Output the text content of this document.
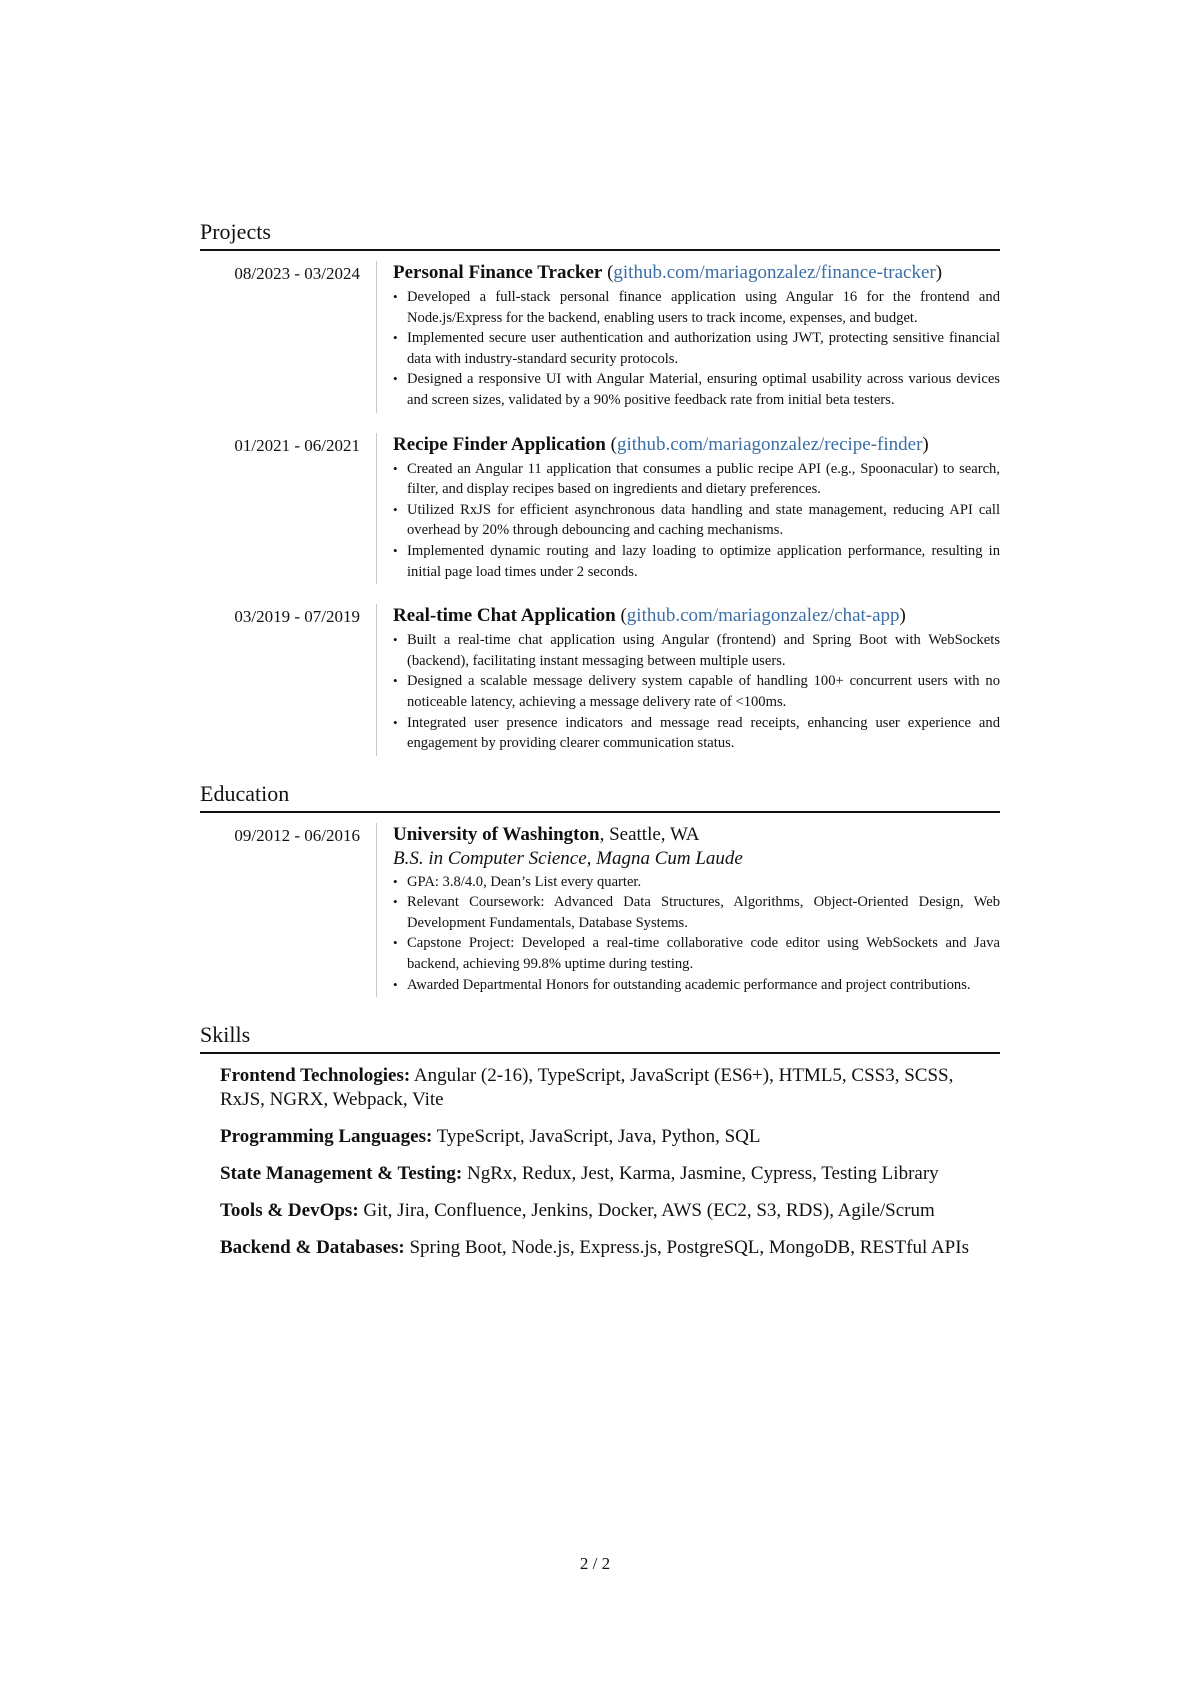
Projects
08/2023 - 03/2024	Personal Finance Tracker (github.com/mariagonzalez/finance-tracker)
• Developed a full-stack personal finance application using Angular 16 for the frontend and Node.js/Express for the backend, enabling users to track income, expenses, and budget.
• Implemented secure user authentication and authorization using JWT, protecting sensitive financial data with industry-standard security protocols.
• Designed a responsive UI with Angular Material, ensuring optimal usability across various devices and screen sizes, validated by a 90% positive feedback rate from initial beta testers.
01/2021 - 06/2021	Recipe Finder Application (github.com/mariagonzalez/recipe-finder)
• Created an Angular 11 application that consumes a public recipe API (e.g., Spoonacular) to search, filter, and display recipes based on ingredients and dietary preferences.
• Utilized RxJS for efficient asynchronous data handling and state management, reducing API call overhead by 20% through debouncing and caching mechanisms.
• Implemented dynamic routing and lazy loading to optimize application performance, resulting in initial page load times under 2 seconds.
03/2019 - 07/2019	Real-time Chat Application (github.com/mariagonzalez/chat-app)
• Built a real-time chat application using Angular (frontend) and Spring Boot with WebSockets (backend), facilitating instant messaging between multiple users.
• Designed a scalable message delivery system capable of handling 100+ concurrent users with no noticeable latency, achieving a message delivery rate of <100ms.
• Integrated user presence indicators and message read receipts, enhancing user experience and engagement by providing clearer communication status.
Education
09/2012 - 06/2016	University of Washington, Seattle, WA
B.S. in Computer Science, Magna Cum Laude
• GPA: 3.8/4.0, Dean’s List every quarter.
• Relevant Coursework: Advanced Data Structures, Algorithms, Object-Oriented Design, Web Development Fundamentals, Database Systems.
• Capstone Project: Developed a real-time collaborative code editor using WebSockets and Java backend, achieving 99.8% uptime during testing.
• Awarded Departmental Honors for outstanding academic performance and project contributions.
Skills
Frontend Technologies: Angular (2-16), TypeScript, JavaScript (ES6+), HTML5, CSS3, SCSS, RxJS, NGRX, Webpack, Vite
Programming Languages: TypeScript, JavaScript, Java, Python, SQL
State Management & Testing: NgRx, Redux, Jest, Karma, Jasmine, Cypress, Testing Library
Tools & DevOps: Git, Jira, Confluence, Jenkins, Docker, AWS (EC2, S3, RDS), Agile/Scrum
Backend & Databases: Spring Boot, Node.js, Express.js, PostgreSQL, MongoDB, RESTful APIs
2 / 2
